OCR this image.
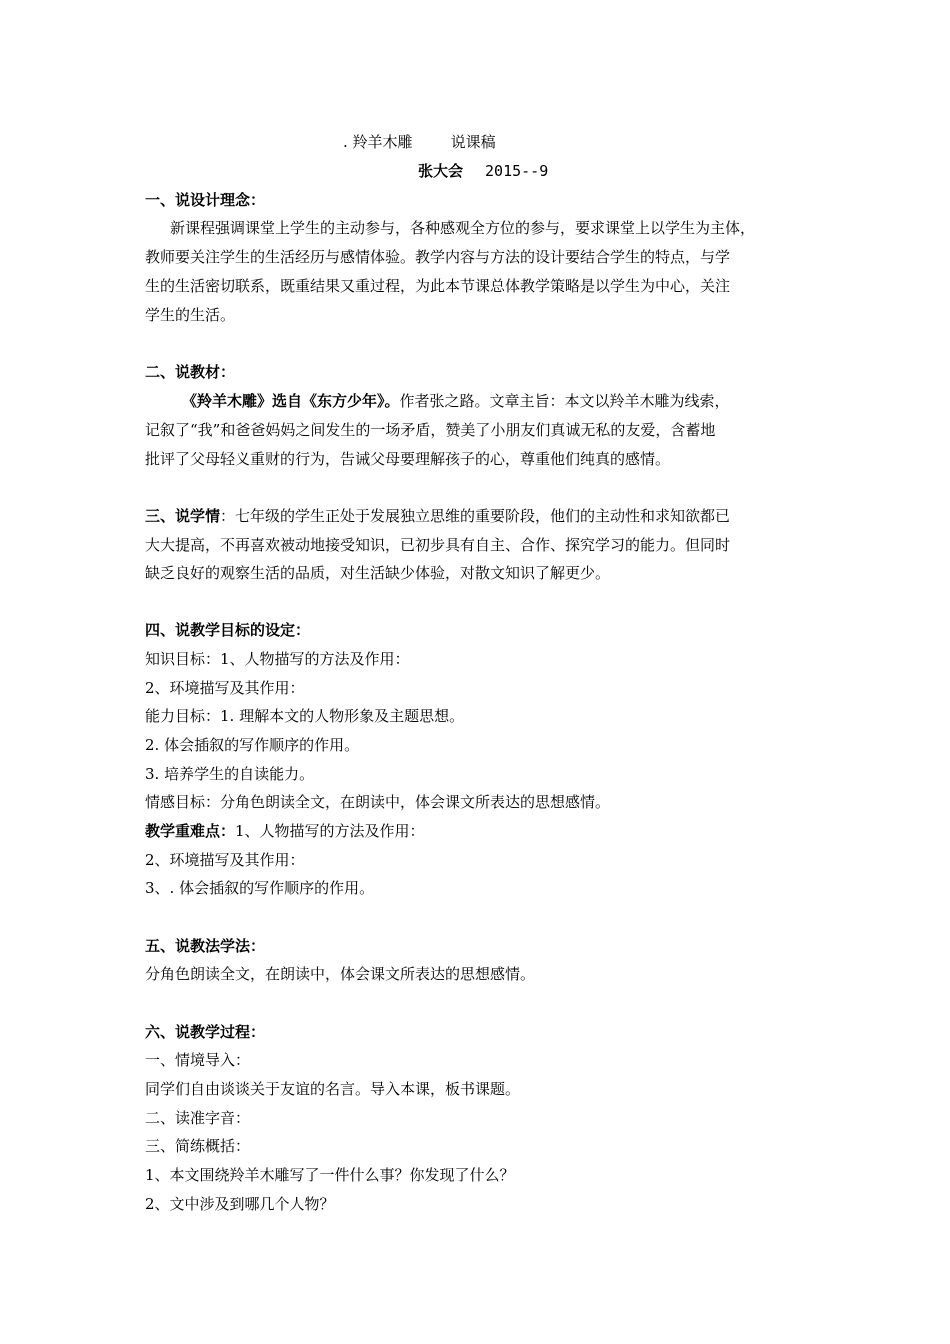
. 羚羊木雕        说课稿
张大会 2015--9
一、说设计理念：
新课程强调课堂上学生的主动参与，各种感观全方位的参与，要求课堂上以学生为主体，
教师要关注学生的生活经历与感情体验。教学内容与方法的设计要结合学生的特点，与学
生的生活密切联系，既重结果又重过程，为此本节课总体教学策略是以学生为中心，关注
学生的生活。
二、说教材：
《羚羊木雕》选自《东方少年》。作者张之路。文章主旨：本文以羚羊木雕为线索，
记叙了“我”和爸爸妈妈之间发生的一场矛盾，赞美了小朋友们真诚无私的友爱，含蓄地
批评了父母轻义重财的行为，告诫父母要理解孩子的心，尊重他们纯真的感情。
三、说学情：七年级的学生正处于发展独立思维的重要阶段，他们的主动性和求知欲都已
大大提高，不再喜欢被动地接受知识，已初步具有自主、合作、探究学习的能力。但同时
缺乏良好的观察生活的品质，对生活缺少体验，对散文知识了解更少。
四、说教学目标的设定：
知识目标：1、人物描写的方法及作用：
2、环境描写及其作用：
能力目标：1. 理解本文的人物形象及主题思想。
2. 体会插叙的写作顺序的作用。
3. 培养学生的自读能力。
情感目标：分角色朗读全文，在朗读中，体会课文所表达的思想感情。
教学重难点：1、人物描写的方法及作用：
2、环境描写及其作用：
3、. 体会插叙的写作顺序的作用。
五、说教法学法：
分角色朗读全文，在朗读中，体会课文所表达的思想感情。
六、说教学过程：
一、情境导入：
同学们自由谈谈关于友谊的名言。导入本课，板书课题。
二、读准字音：
三、简练概括：
1、本文围绕羚羊木雕写了一件什么事？你发现了什么？
2、文中涉及到哪几个人物？
